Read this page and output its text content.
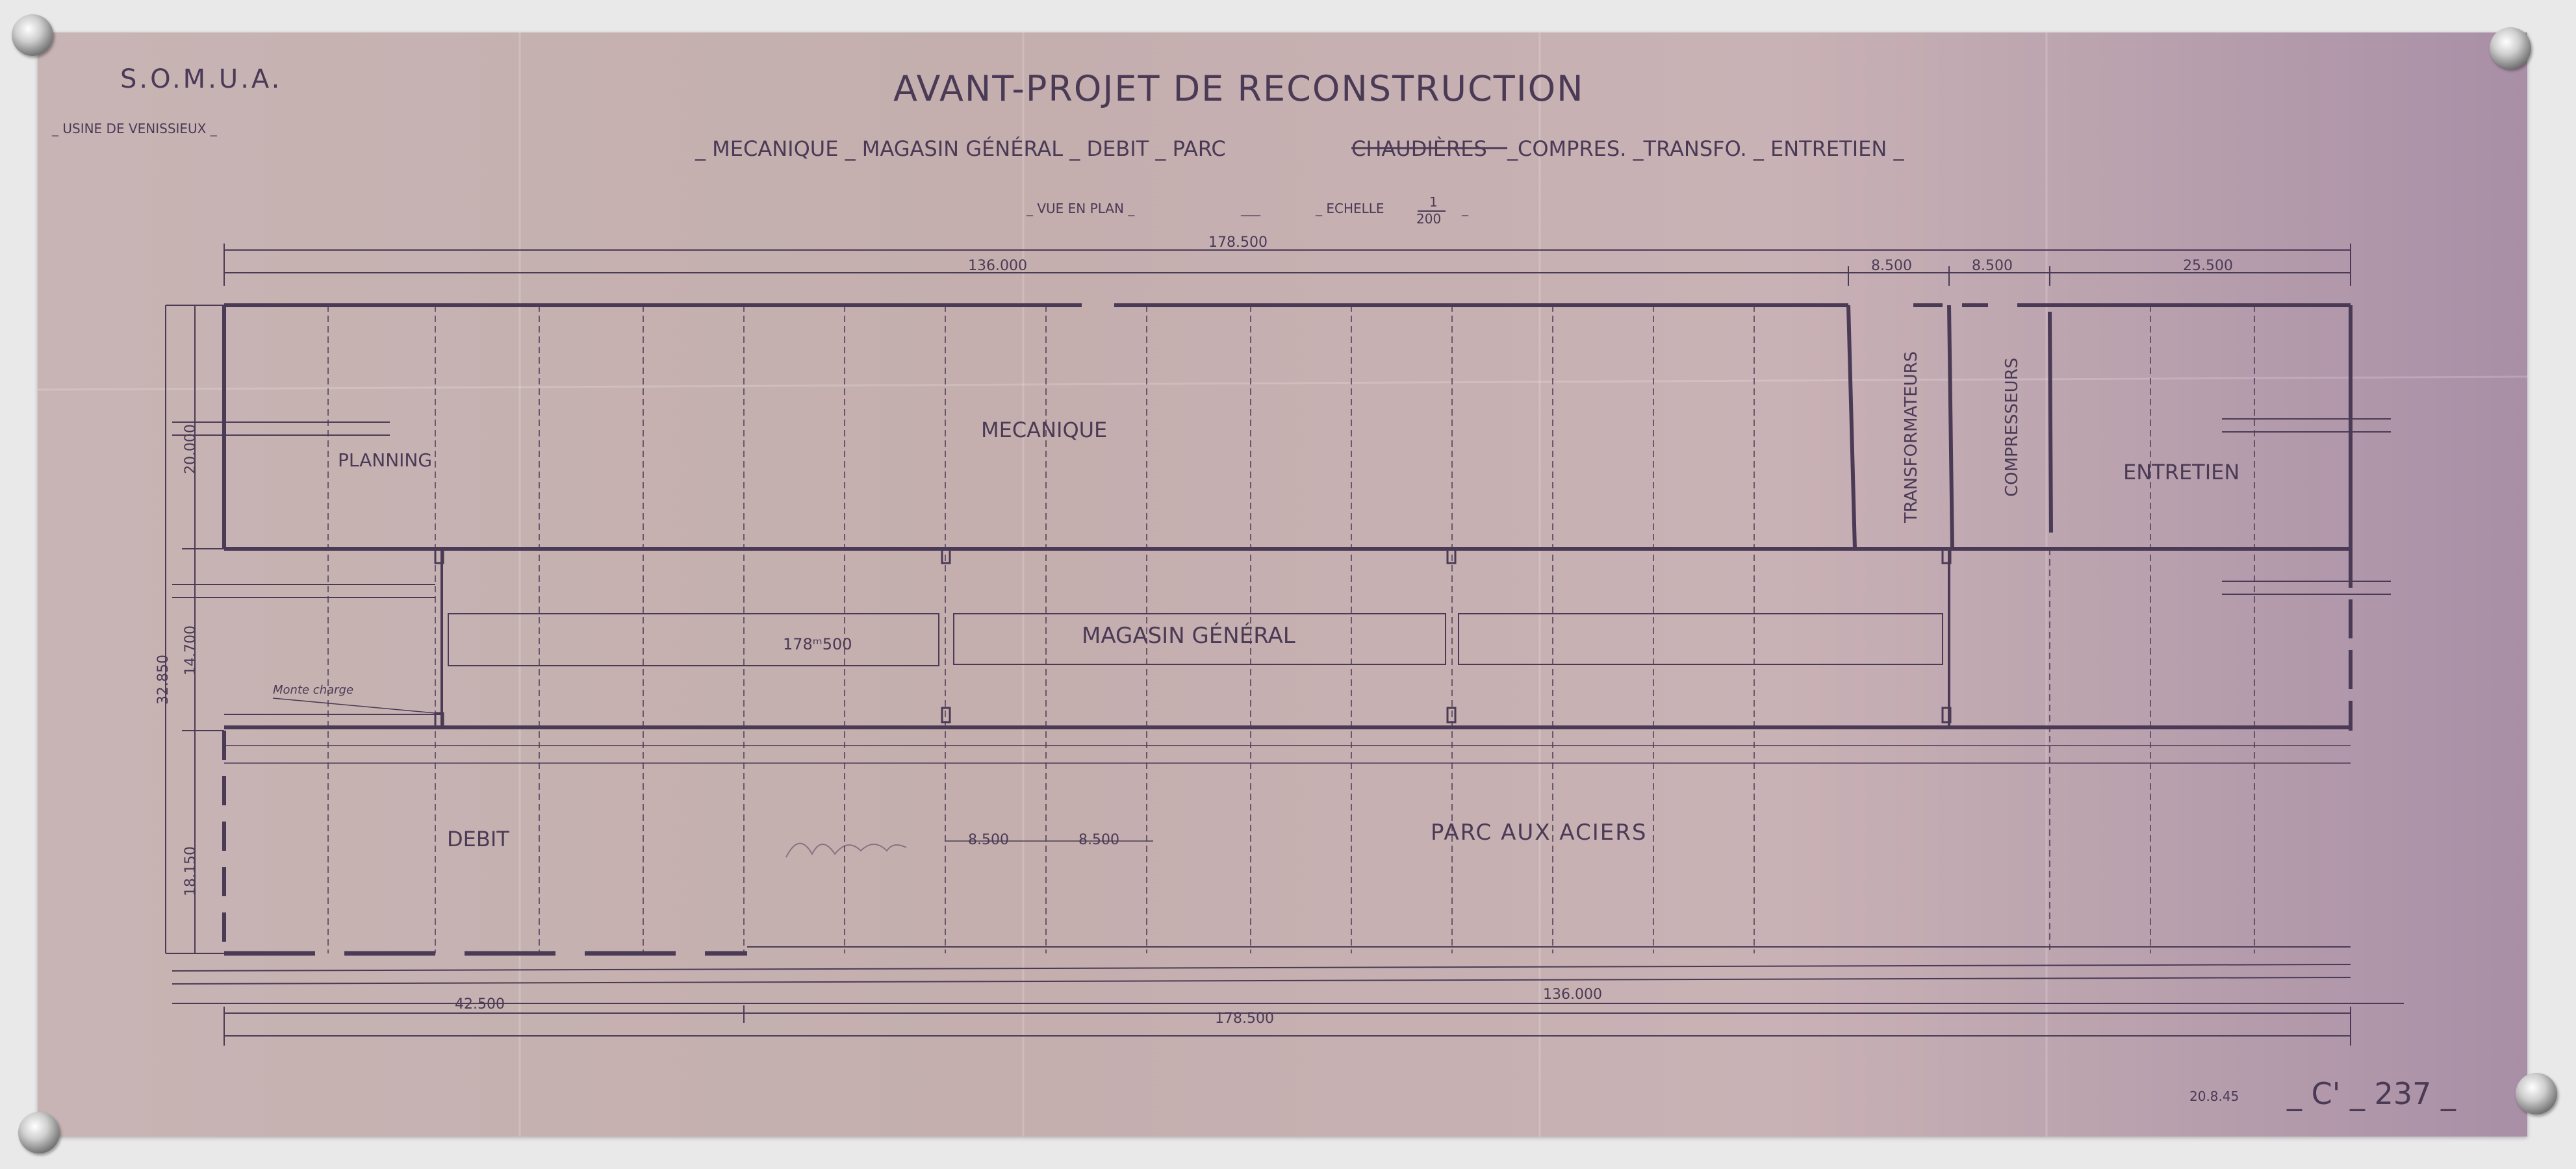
S.O.M.U.A.
_ USINE DE VENISSIEUX _
AVANT-PROJET DE RECONSTRUCTION
_ MECANIQUE _ MAGASIN GÉNÉRAL _ DEBIT _ PARC	CHAUDIÈRES _COMPRES. _TRANSFO. _ ENTRETIEN _
_ VUE EN PLAN _	___	_ ECHELLE	1
200
_
178.500
136.000	8.500	8.500	25.500
20.000
14.700
32.850
18.150
8.500	8.500
42.500
136.000
178.500
PLANNING
MECANIQUE	TRANSFORMATEURS	COMPRESSEURS	ENTRETIEN
MAGASIN GÉNÉRAL
178ᵐ500
Monte charge
DEBIT	PARC AUX ACIERS
20.8.45 _ C' _ 237 _
